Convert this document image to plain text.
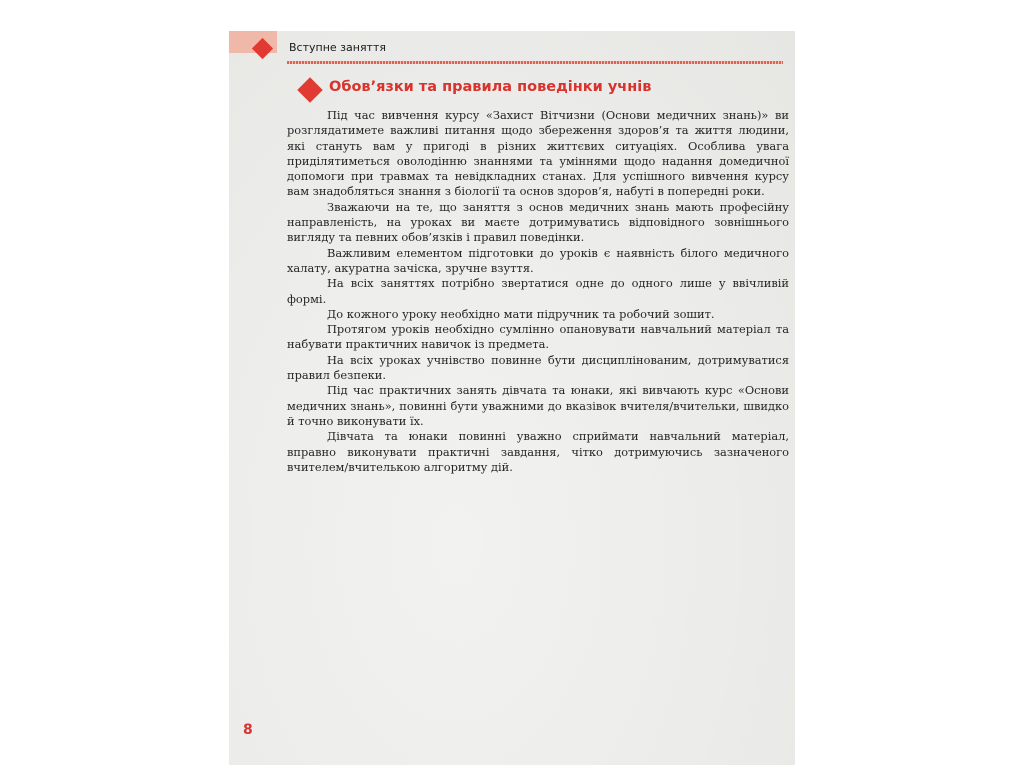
Вступне заняття
Обов’язки та правила поведінки учнів

Під час вивчення курсу «Захист Вітчизни (Основи медичних знань)» ви розглядатимете важливі питання щодо збереження здоров’я та життя людини, які стануть вам у пригоді в різних життєвих ситуаціях. Особлива увага приділятиметься оволодінню знаннями та уміннями щодо надання домедичної допомоги при травмах та невідкладних станах. Для успішного вивчення курсу вам знадобляться знання з біології та основ здоров’я, набуті в попередні роки.

Зважаючи на те, що заняття з основ медичних знань мають професійну направленість, на уроках ви маєте дотримуватись відповідного зовнішнього вигляду та певних обов’язків і правил поведінки.

Важливим елементом підготовки до уроків є наявність білого медичного халату, акуратна зачіска, зручне взуття.

На всіх заняттях потрібно звертатися одне до одного лише у ввічливій формі.

До кожного уроку необхідно мати підручник та робочий зошит.

Протягом уроків необхідно сумлінно опановувати навчальний матеріал та набувати практичних навичок із предмета.

На всіх уроках учнівство повинне бути дисциплінованим, дотримуватися правил безпеки.

Під час практичних занять дівчата та юнаки, які вивчають курс «Основи медичних знань», повинні бути уважними до вказівок вчителя/вчительки, швидко й точно виконувати їх.

Дівчата та юнаки повинні уважно сприймати навчальний матеріал, вправно виконувати практичні завдання, чітко дотримуючись зазначеного вчителем/вчителькою алгоритму дій.

8
